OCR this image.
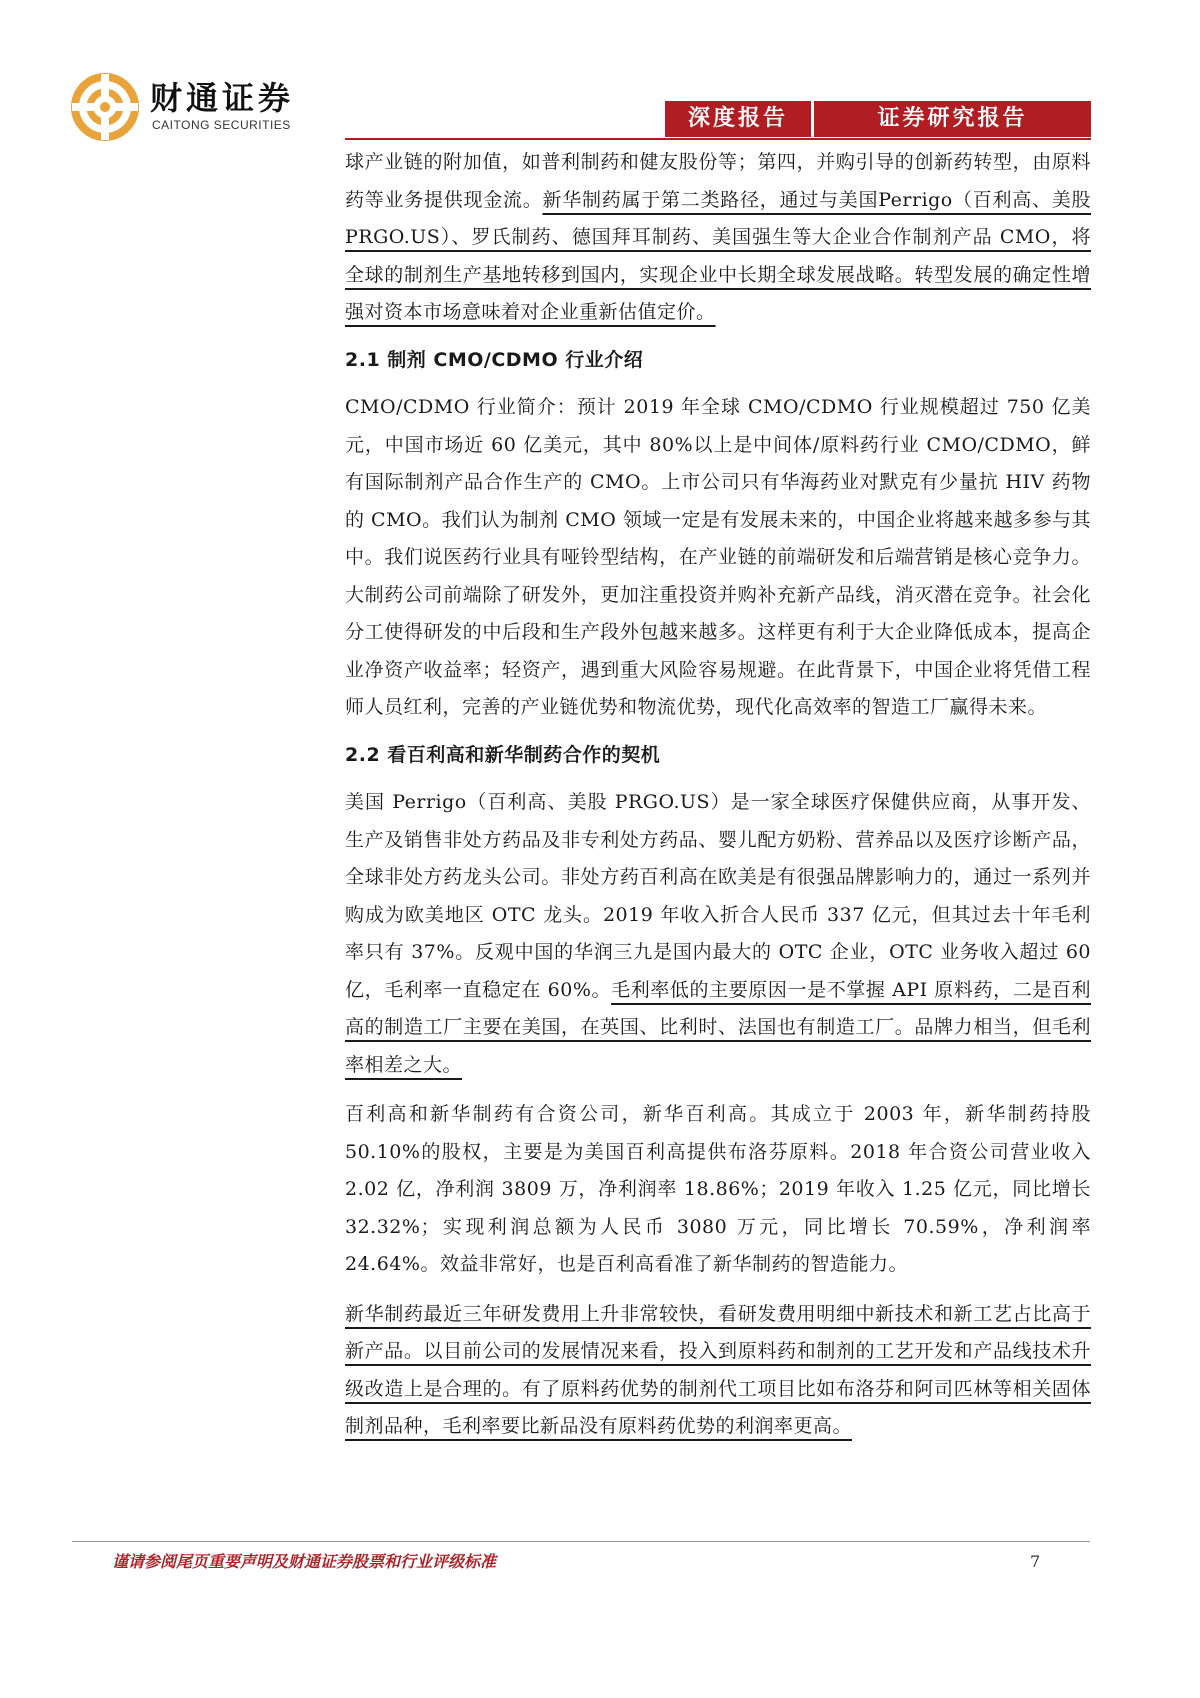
财通证券
CAITONG SECURITIES	深度报告	证券研究报告

球产业链的附加值，如普利制药和健友股份等；第四，并购引导的创新药转型，由原料药等业务提供现金流。新华制药属于第二类路径，通过与美国Perrigo（百利高、美股 PRGO.US）、罗氏制药、德国拜耳制药、美国强生等大企业合作制剂产品 CMO，将全球的制剂生产基地转移到国内，实现企业中长期全球发展战略。转型发展的确定性增强对资本市场意味着对企业重新估值定价。

2.1 制剂 CMO/CDMO 行业介绍

CMO/CDMO 行业简介：预计 2019 年全球 CMO/CDMO 行业规模超过 750 亿美元，中国市场近 60 亿美元，其中 80%以上是中间体/原料药行业 CMO/CDMO，鲜有国际制剂产品合作生产的 CMO。上市公司只有华海药业对默克有少量抗 HIV 药物的 CMO。我们认为制剂 CMO 领域一定是有发展未来的，中国企业将越来越多参与其中。我们说医药行业具有哑铃型结构，在产业链的前端研发和后端营销是核心竞争力。大制药公司前端除了研发外，更加注重投资并购补充新产品线，消灭潜在竞争。社会化分工使得研发的中后段和生产段外包越来越多。这样更有利于大企业降低成本，提高企业净资产收益率；轻资产，遇到重大风险容易规避。在此背景下，中国企业将凭借工程师人员红利，完善的产业链优势和物流优势，现代化高效率的智造工厂赢得未来。

2.2 看百利高和新华制药合作的契机

美国 Perrigo（百利高、美股 PRGO.US）是一家全球医疗保健供应商，从事开发、生产及销售非处方药品及非专利处方药品、婴儿配方奶粉、营养品以及医疗诊断产品，全球非处方药龙头公司。非处方药百利高在欧美是有很强品牌影响力的，通过一系列并购成为欧美地区 OTC 龙头。2019 年收入折合人民币 337 亿元，但其过去十年毛利率只有 37%。反观中国的华润三九是国内最大的 OTC 企业，OTC 业务收入超过 60 亿，毛利率一直稳定在 60%。毛利率低的主要原因一是不掌握 API 原料药，二是百利高的制造工厂主要在美国，在英国、比利时、法国也有制造工厂。品牌力相当，但毛利率相差之大。

百利高和新华制药有合资公司，新华百利高。其成立于 2003 年，新华制药持股 50.10%的股权，主要是为美国百利高提供布洛芬原料。2018 年合资公司营业收入 2.02 亿，净利润 3809 万，净利润率 18.86%；2019 年收入 1.25 亿元，同比增长 32.32%；实现利润总额为人民币 3080 万元，同比增长 70.59%，净利润率 24.64%。效益非常好，也是百利高看准了新华制药的智造能力。

新华制药最近三年研发费用上升非常较快，看研发费用明细中新技术和新工艺占比高于新产品。以目前公司的发展情况来看，投入到原料药和制剂的工艺开发和产品线技术升级改造上是合理的。有了原料药优势的制剂代工项目比如布洛芬和阿司匹林等相关固体制剂品种，毛利率要比新品没有原料药优势的利润率更高。

谨请参阅尾页重要声明及财通证券股票和行业评级标准	7
